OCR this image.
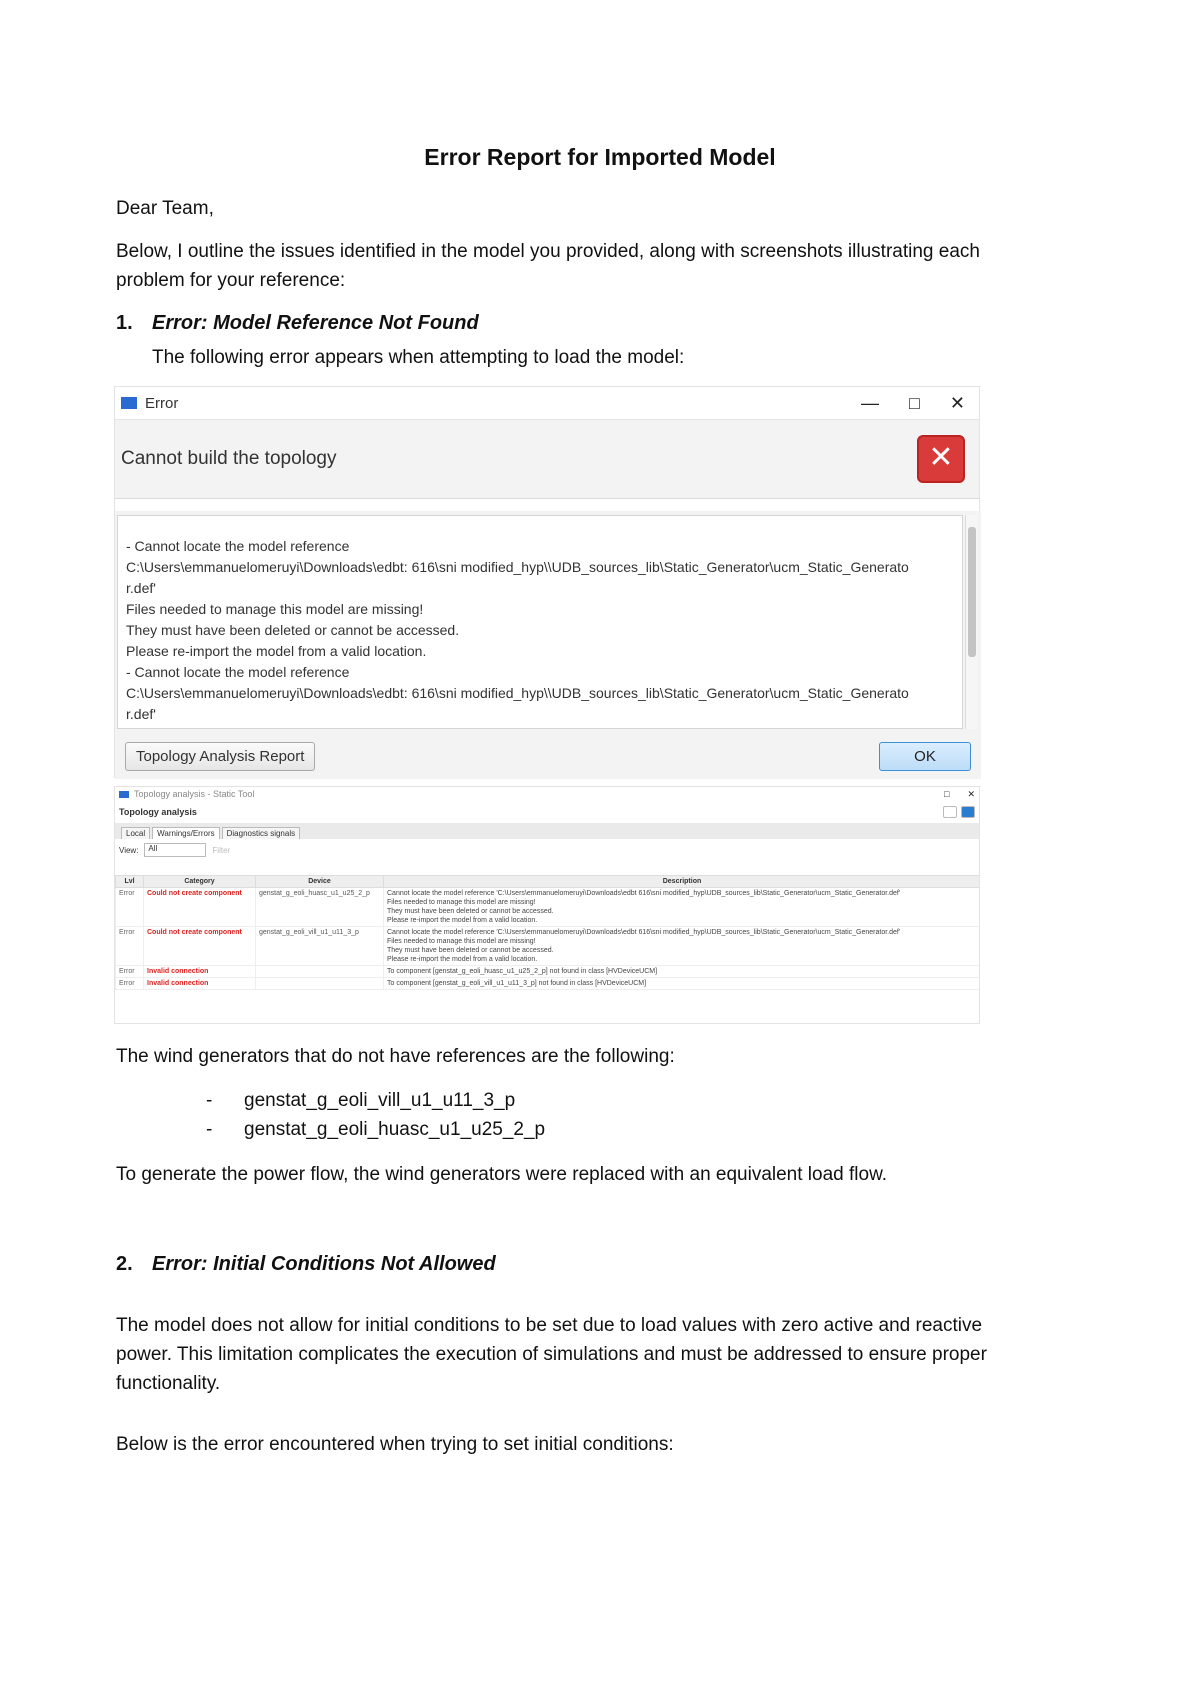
Error Report for Imported Model
Dear Team,
Below, I outline the issues identified in the model you provided, along with screenshots illustrating each problem for your reference:
1. Error: Model Reference Not Found
The following error appears when attempting to load the model:
Error	— □ ✕
Cannot build the topology	✕
- Cannot locate the model reference
C:\Users\emmanuelomeruyi\Downloads\edbt: 616\sni modified_hyp\\UDB_sources_lib\Static_Generator\ucm_Static_Generato
r.def'
Files needed to manage this model are missing!
They must have been deleted or cannot be accessed.
Please re-import the model from a valid location.
- Cannot locate the model reference
C:\Users\emmanuelomeruyi\Downloads\edbt: 616\sni modified_hyp\\UDB_sources_lib\Static_Generator\ucm_Static_Generato
r.def'
Topology Analysis Report	OK
Topology analysis - Static Tool	□ ✕
Topology analysis
Local	Warnings/Errors	Diagnostics signals
View:	All	Filter
Lvl	Category	Device	Description
Error	Could not create component	genstat_g_eoli_huasc_u1_u25_2_p	Cannot locate the model reference 'C:\Users\emmanuelomeruyi\Downloads\edbt 616\sni modified_hyp\UDB_sources_lib\Static_Generator\ucm_Static_Generator.def'
Files needed to manage this model are missing!
They must have been deleted or cannot be accessed.
Please re-import the model from a valid location.
Error	Could not create component	genstat_g_eoli_vill_u1_u11_3_p	Cannot locate the model reference 'C:\Users\emmanuelomeruyi\Downloads\edbt 616\sni modified_hyp\UDB_sources_lib\Static_Generator\ucm_Static_Generator.def'
Files needed to manage this model are missing!
They must have been deleted or cannot be accessed.
Please re-import the model from a valid location.
Error	Invalid connection		To component [genstat_g_eoli_huasc_u1_u25_2_p] not found in class [HVDeviceUCM]
Error	Invalid connection		To component [genstat_g_eoli_vill_u1_u11_3_p] not found in class [HVDeviceUCM]
The wind generators that do not have references are the following:
-	genstat_g_eoli_vill_u1_u11_3_p
-	genstat_g_eoli_huasc_u1_u25_2_p
To generate the power flow, the wind generators were replaced with an equivalent load flow.
2. Error: Initial Conditions Not Allowed
The model does not allow for initial conditions to be set due to load values with zero active and reactive power. This limitation complicates the execution of simulations and must be addressed to ensure proper functionality.
Below is the error encountered when trying to set initial conditions:
